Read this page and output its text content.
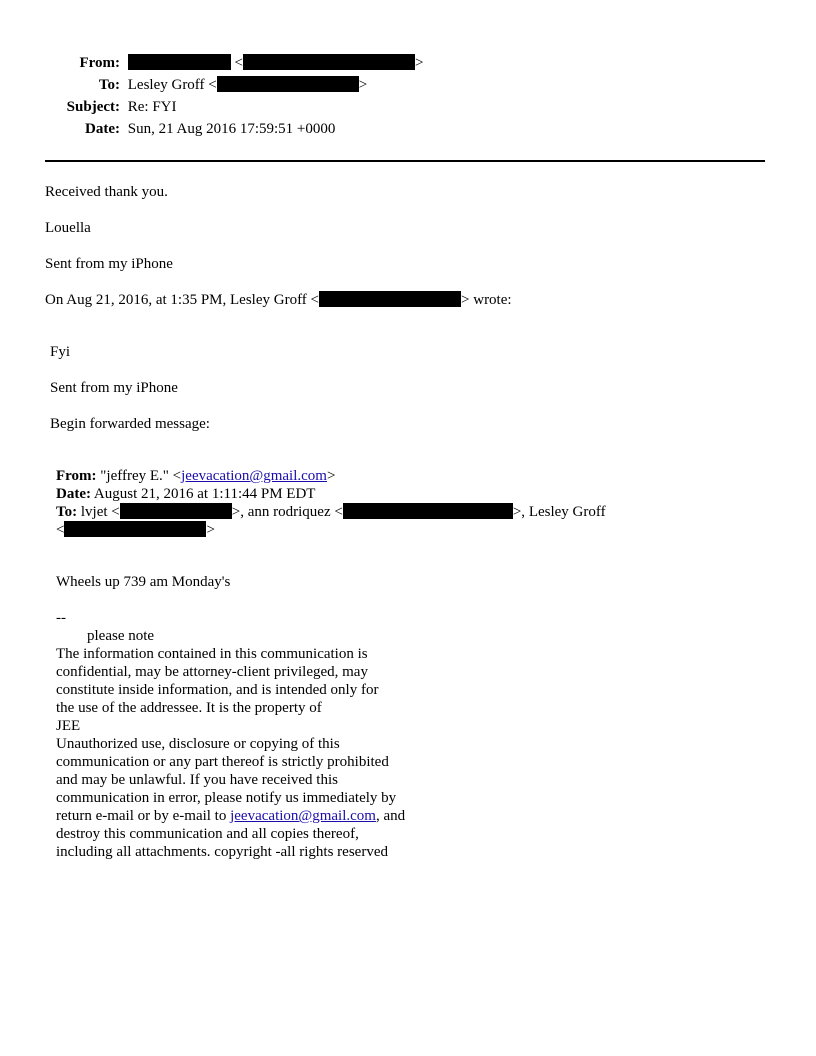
From:	<	>
To: Lesley Groff <	>
Subject: Re: FYI
Date: Sun, 21 Aug 2016 17:59:51 +0000
Received thank you.
Louella
Sent from my iPhone
On Aug 21, 2016, at 1:35 PM, Lesley Groff <	> wrote:
Fyi
Sent from my iPhone
Begin forwarded message:
From: "jeffrey E." <jeevacation@gmail.com>
Date: August 21, 2016 at 1:11:44 PM EDT
To: lvjet <	>, ann rodriquez <	>, Lesley Groff
<	>
Wheels up 739 am Monday's
--
please note
The information contained in this communication is
confidential, may be attorney-client privileged, may
constitute inside information, and is intended only for
the use of the addressee. It is the property of
JEE
Unauthorized use, disclosure or copying of this
communication or any part thereof is strictly prohibited
and may be unlawful. If you have received this
communication in error, please notify us immediately by
return e-mail or by e-mail to jeevacation@gmail.com, and
destroy this communication and all copies thereof,
including all attachments. copyright -all rights reserved
